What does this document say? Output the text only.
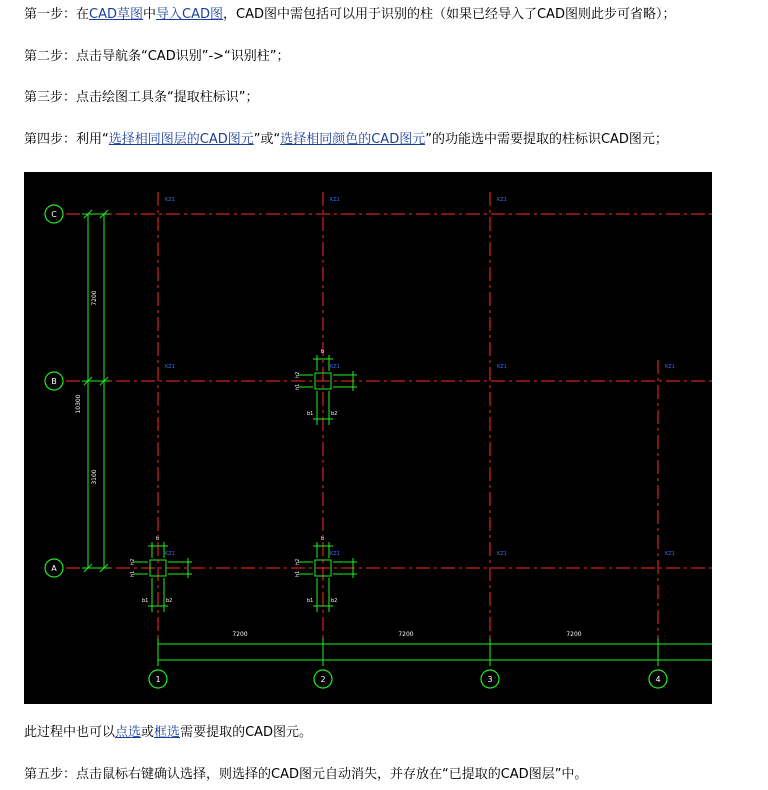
第一步：在CAD草图中导入CAD图，CAD图中需包括可以用于识别的柱（如果已经导入了CAD图则此步可省略）；
第二步：点击导航条“CAD识别”->“识别柱”；
第三步：点击绘图工具条“提取柱标识”；
第四步：利用“选择相同图层的CAD图元”或“选择相同颜色的CAD图元”的功能选中需要提取的柱标识CAD图元；
C
B
A
1	2	3	4
7200
3100
10300
7200	7200	7200
KZ1	KZ1	KZ1
KZ1	KZ1	KZ1	KZ1
KZ1	KZ1	KZ1	KZ1
b
b1	b2
h1
h2
b
b1	b2
h1
h2
b
b1	b2
h1
h2
此过程中也可以点选或框选需要提取的CAD图元。
第五步：点击鼠标右键确认选择，则选择的CAD图元自动消失，并存放在“已提取的CAD图层”中。
